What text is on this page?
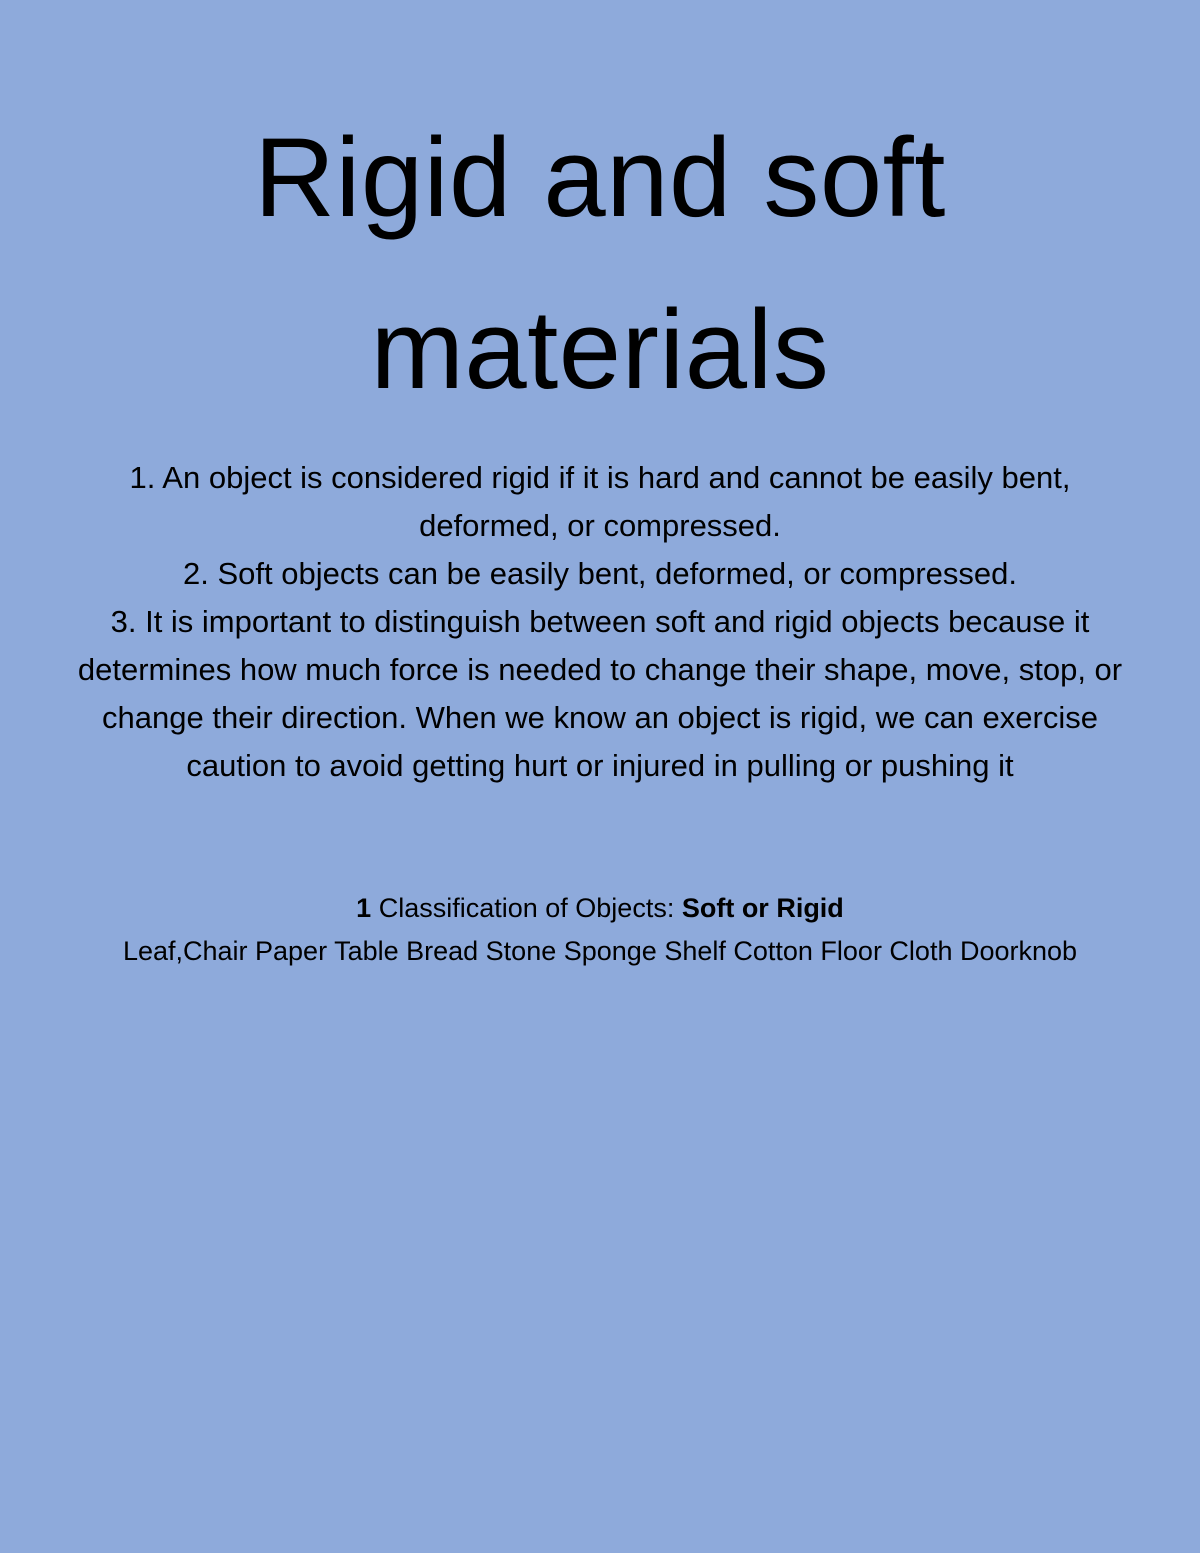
Rigid and soft
materials
1. An object is considered rigid if it is hard and cannot be easily bent, deformed, or compressed.
2. Soft objects can be easily bent, deformed, or compressed.
3. It is important to distinguish between soft and rigid objects because it determines how much force is needed to change their shape, move, stop, or change their direction. When we know an object is rigid, we can exercise caution to avoid getting hurt or injured in pulling or pushing it
1 Classification of Objects: Soft or Rigid
Leaf,Chair Paper Table Bread Stone Sponge Shelf Cotton Floor Cloth Doorknob
